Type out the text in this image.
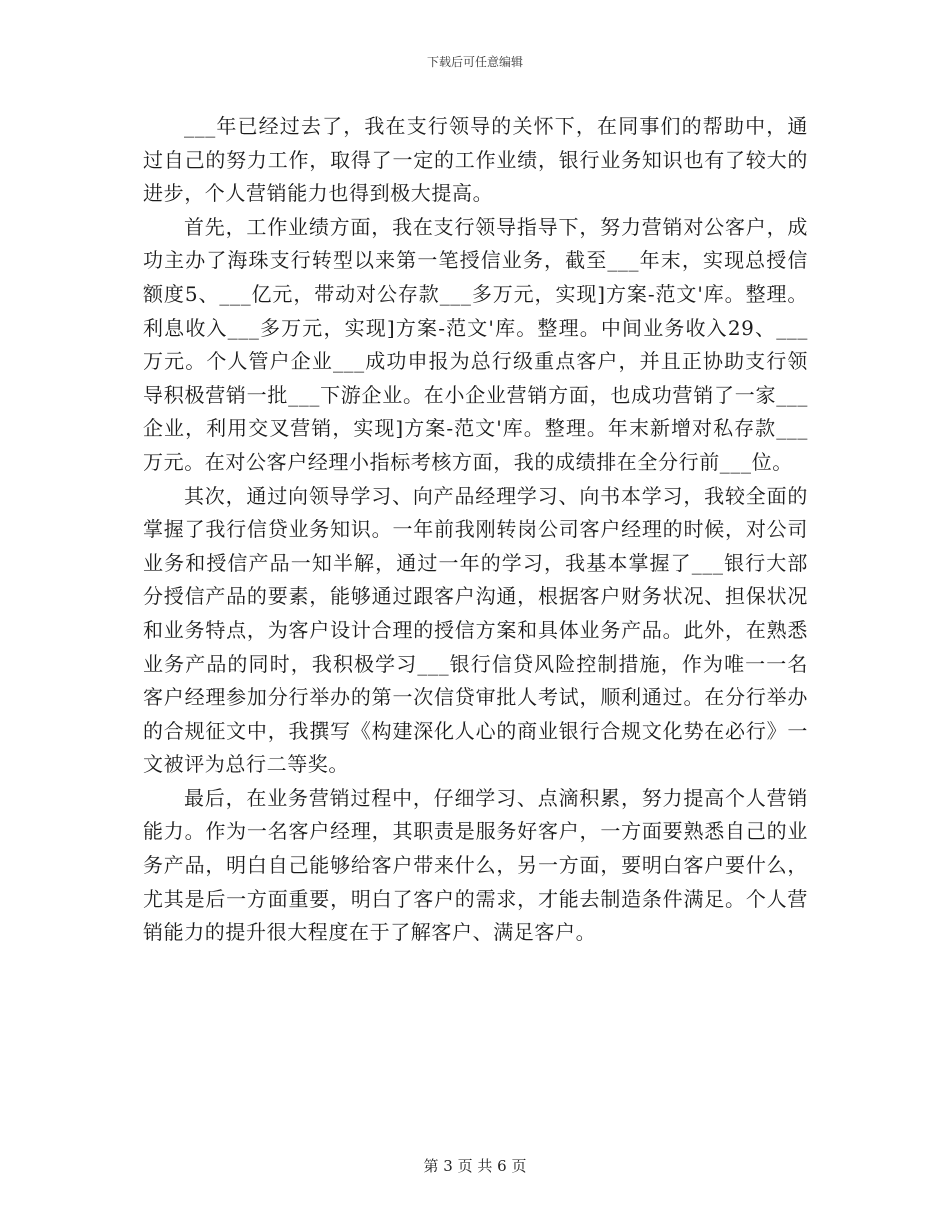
下载后可任意编辑

___年已经过去了，我在支行领导的关怀下，在同事们的帮助中，通过自己的努力工作，取得了一定的工作业绩，银行业务知识也有了较大的进步，个人营销能力也得到极大提高。

首先，工作业绩方面，我在支行领导指导下，努力营销对公客户，成功主办了海珠支行转型以来第一笔授信业务，截至___年末，实现总授信额度5、___亿元，带动对公存款___多万元，实现]方案-范文'库。整理。利息收入___多万元，实现]方案-范文'库。整理。中间业务收入29、___万元。个人管户企业___成功申报为总行级重点客户，并且正协助支行领导积极营销一批___下游企业。在小企业营销方面，也成功营销了一家___企业，利用交叉营销，实现]方案-范文'库。整理。年末新增对私存款___万元。在对公客户经理小指标考核方面，我的成绩排在全分行前___位。

其次，通过向领导学习、向产品经理学习、向书本学习，我较全面的掌握了我行信贷业务知识。一年前我刚转岗公司客户经理的时候，对公司业务和授信产品一知半解，通过一年的学习，我基本掌握了___银行大部分授信产品的要素，能够通过跟客户沟通，根据客户财务状况、担保状况和业务特点，为客户设计合理的授信方案和具体业务产品。此外，在熟悉业务产品的同时，我积极学习___银行信贷风险控制措施，作为唯一一名客户经理参加分行举办的第一次信贷审批人考试，顺利通过。在分行举办的合规征文中，我撰写《构建深化人心的商业银行合规文化势在必行》一文被评为总行二等奖。

最后，在业务营销过程中，仔细学习、点滴积累，努力提高个人营销能力。作为一名客户经理，其职责是服务好客户，一方面要熟悉自己的业务产品，明白自己能够给客户带来什么，另一方面，要明白客户要什么，尤其是后一方面重要，明白了客户的需求，才能去制造条件满足。个人营销能力的提升很大程度在于了解客户、满足客户。

第 3 页 共 6 页
